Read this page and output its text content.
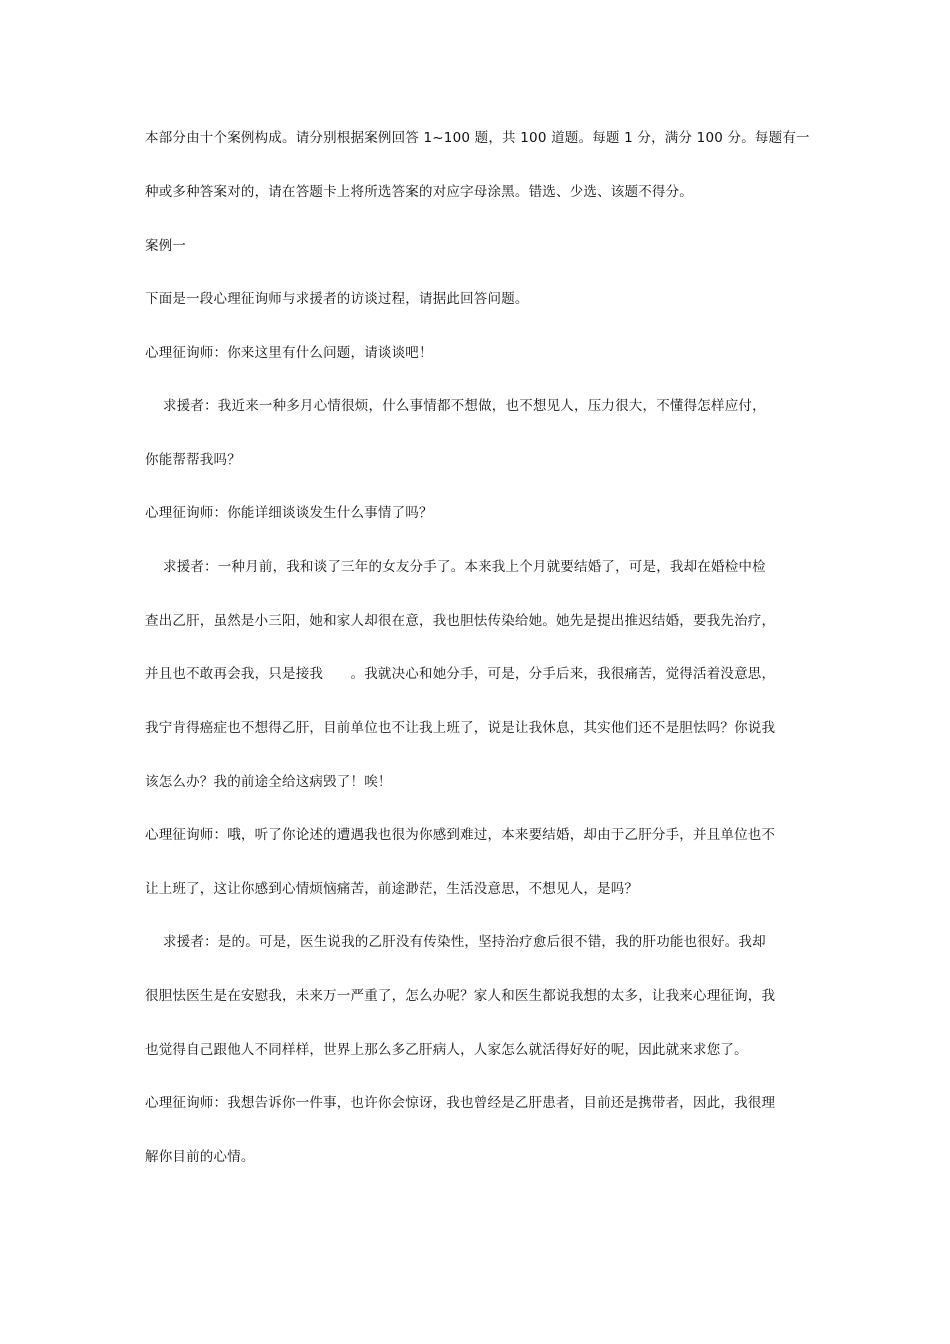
本部分由十个案例构成。请分别根据案例回答 1~100 题，共 100 道题。每题 1 分，满分 100 分。每题有一
种或多种答案对的，请在答题卡上将所选答案的对应字母涂黑。错选、少选、该题不得分。
案例一
下面是一段心理征询师与求援者的访谈过程，请据此回答问题。
心理征询师：你来这里有什么问题，请谈谈吧！
求援者：我近来一种多月心情很烦，什么事情都不想做，也不想见人，压力很大，不懂得怎样应付，
你能帮帮我吗？
心理征询师：你能详细谈谈发生什么事情了吗？
求援者：一种月前，我和谈了三年的女友分手了。本来我上个月就要结婚了，可是，我却在婚检中检
查出乙肝，虽然是小三阳，她和家人却很在意，我也胆怯传染给她。她先是提出推迟结婚，要我先治疗，
并且也不敢再会我，只是接我　　。我就决心和她分手，可是，分手后来，我很痛苦，觉得活着没意思，
我宁肯得癌症也不想得乙肝，目前单位也不让我上班了，说是让我休息，其实他们还不是胆怯吗？你说我
该怎么办？我的前途全给这病毁了！唉！
心理征询师：哦，听了你论述的遭遇我也很为你感到难过，本来要结婚，却由于乙肝分手，并且单位也不
让上班了，这让你感到心情烦恼痛苦，前途渺茫，生活没意思，不想见人，是吗？
求援者：是的。可是，医生说我的乙肝没有传染性，坚持治疗愈后很不错，我的肝功能也很好。我却
很胆怯医生是在安慰我，未来万一严重了，怎么办呢？家人和医生都说我想的太多，让我来心理征询，我
也觉得自己跟他人不同样样，世界上那么多乙肝病人，人家怎么就活得好好的呢，因此就来求您了。
心理征询师：我想告诉你一件事，也许你会惊讶，我也曾经是乙肝患者，目前还是携带者，因此，我很理
解你目前的心情。
